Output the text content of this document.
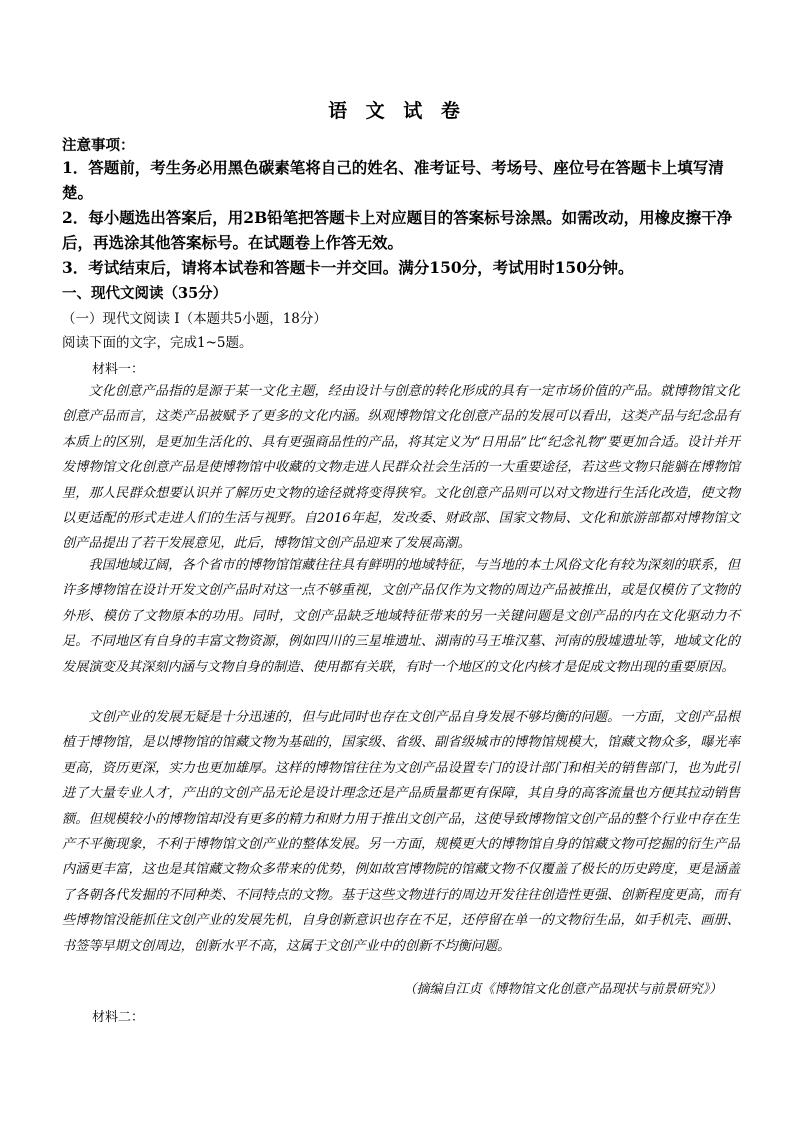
语 文 试 卷
注意事项：
1．答题前，考生务必用黑色碳素笔将自己的姓名、准考证号、考场号、座位号在答题卡上填写清楚。
2．每小题选出答案后，用2B铅笔把答题卡上对应题目的答案标号涂黑。如需改动，用橡皮擦干净后，再选涂其他答案标号。在试题卷上作答无效。
3．考试结束后，请将本试卷和答题卡一并交回。满分150分，考试用时150分钟。
一、现代文阅读（35分）
（一）现代文阅读 I（本题共5小题，18分）
阅读下面的文字，完成1~5题。
材料一：
文化创意产品指的是源于某一文化主题，经由设计与创意的转化形成的具有一定市场价值的产品。就博物馆文化创意产品而言，这类产品被赋予了更多的文化内涵。纵观博物馆文化创意产品的发展可以看出，这类产品与纪念品有本质上的区别，是更加生活化的、具有更强商品性的产品，将其定义为“日用品”比“纪念礼物”要更加合适。设计并开发博物馆文化创意产品是使博物馆中收藏的文物走进人民群众社会生活的一大重要途径，若这些文物只能躺在博物馆里，那人民群众想要认识并了解历史文物的途径就将变得狭窄。文化创意产品则可以对文物进行生活化改造，使文物以更适配的形式走进人们的生活与视野。自2016年起，发改委、财政部、国家文物局、文化和旅游部都对博物馆文创产品提出了若干发展意见，此后，博物馆文创产品迎来了发展高潮。
我国地域辽阔，各个省市的博物馆馆藏往往具有鲜明的地域特征，与当地的本土风俗文化有较为深刻的联系，但许多博物馆在设计开发文创产品时对这一点不够重视，文创产品仅作为文物的周边产品被推出，或是仅模仿了文物的外形、模仿了文物原本的功用。同时，文创产品缺乏地域特征带来的另一关键问题是文创产品的内在文化驱动力不足。不同地区有自身的丰富文物资源，例如四川的三星堆遗址、湖南的马王堆汉墓、河南的殷墟遗址等，地域文化的发展演变及其深刻内涵与文物自身的制造、使用都有关联，有时一个地区的文化内核才是促成文物出现的重要原因。
文创产业的发展无疑是十分迅速的，但与此同时也存在文创产品自身发展不够均衡的问题。一方面，文创产品根植于博物馆，是以博物馆的馆藏文物为基础的，国家级、省级、副省级城市的博物馆规模大，馆藏文物众多，曝光率更高，资历更深，实力也更加雄厚。这样的博物馆往往为文创产品设置专门的设计部门和相关的销售部门，也为此引进了大量专业人才，产出的文创产品无论是设计理念还是产品质量都更有保障，其自身的高客流量也方便其拉动销售额。但规模较小的博物馆却没有更多的精力和财力用于推出文创产品，这使导致博物馆文创产品的整个行业中存在生产不平衡现象，不利于博物馆文创产业的整体发展。另一方面，规模更大的博物馆自身的馆藏文物可挖掘的衍生产品内涵更丰富，这也是其馆藏文物众多带来的优势，例如故宫博物院的馆藏文物不仅覆盖了极长的历史跨度，更是涵盖了各朝各代发掘的不同种类、不同特点的文物。基于这些文物进行的周边开发往往创造性更强、创新程度更高，而有些博物馆没能抓住文创产业的发展先机，自身创新意识也存在不足，还停留在单一的文物衍生品，如手机壳、画册、书签等早期文创周边，创新水平不高，这属于文创产业中的创新不均衡问题。
（摘编自江贞《博物馆文化创意产品现状与前景研究》）
材料二：
